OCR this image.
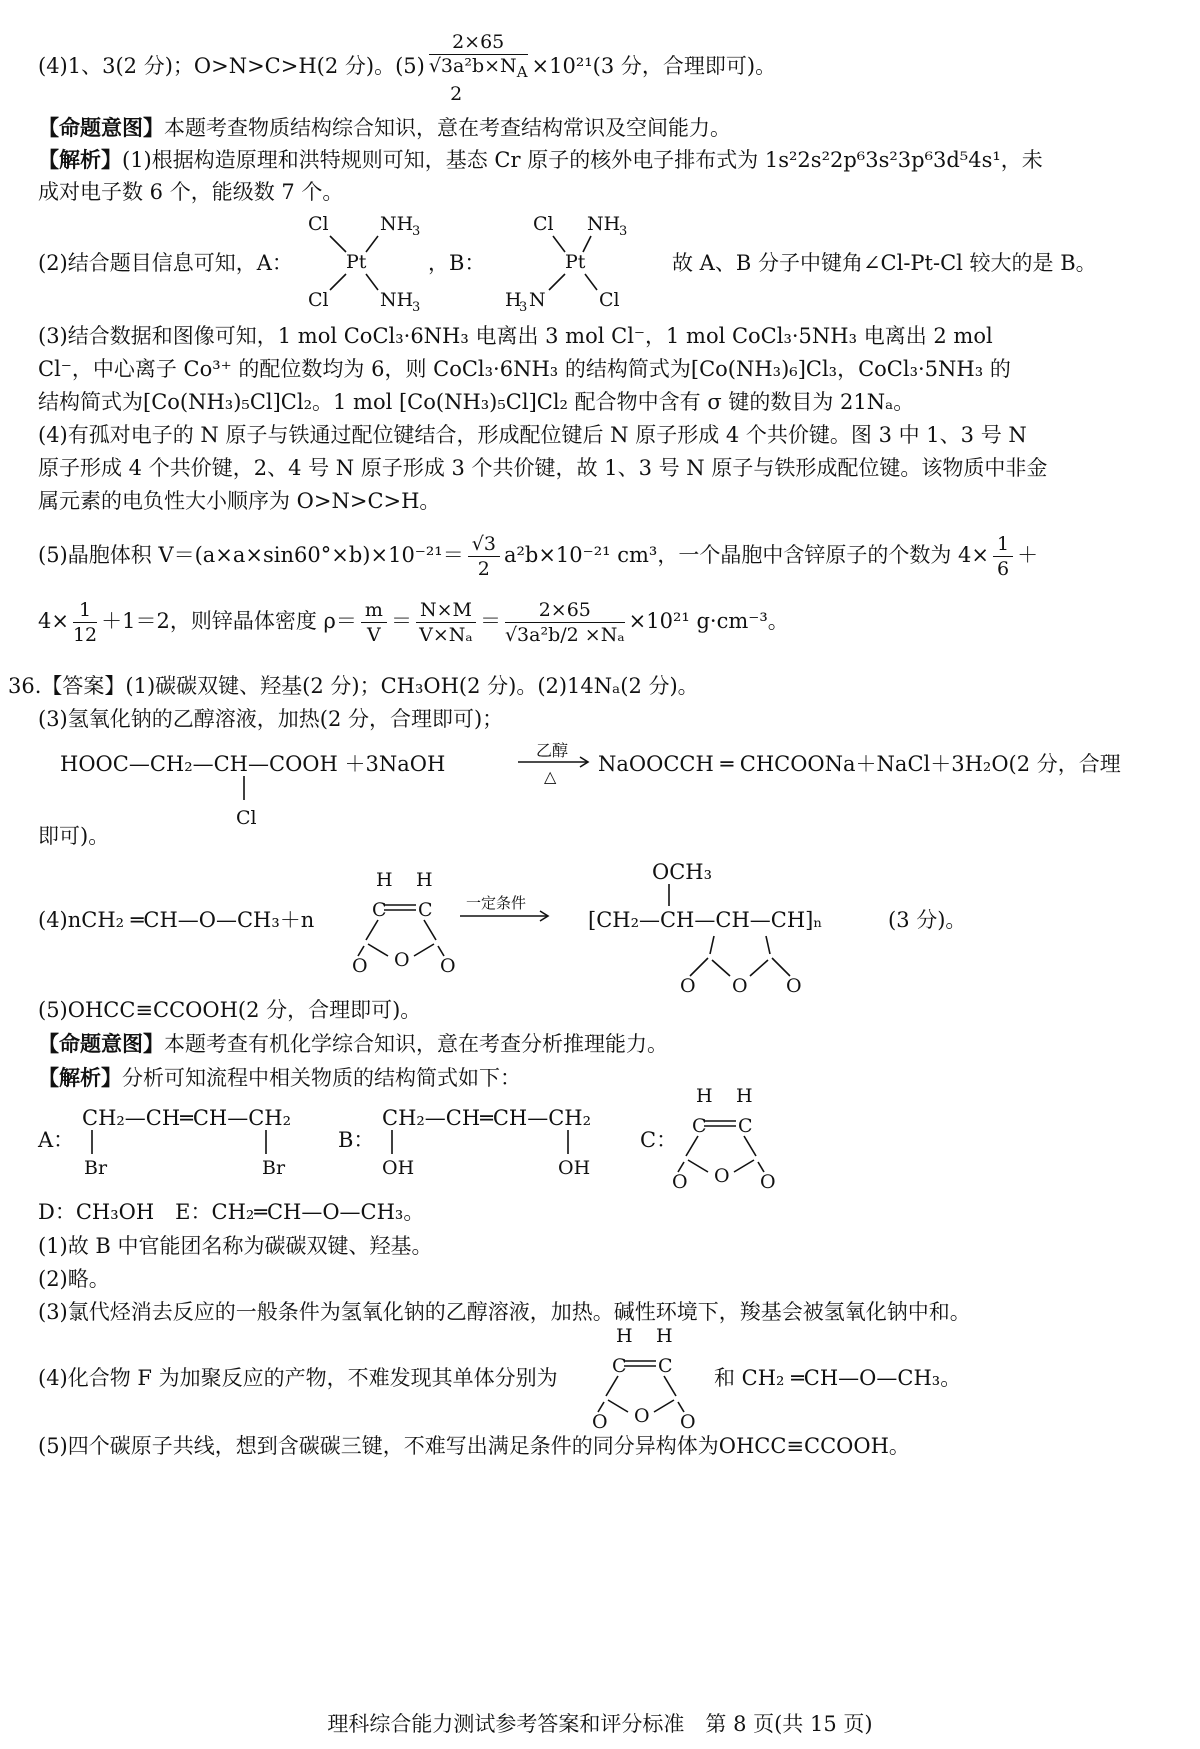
(4)1、3(2 分)；O>N>C>H(2 分)。(5)
2×65
$√3a^2b\times N_A$
2
×10²¹(3 分，合理即可)。
【命题意图】本题考查物质结构综合知识，意在考查结构常识及空间能力。
【解析】(1)根据构造原理和洪特规则可知，基态 Cr 原子的核外电子排布式为 1s²2s²2p⁶3s²3p⁶3d⁵4s¹，未
成对电子数 6 个，能级数 7 个。
(2)结合题目信息可知，A：
Cl	NH
3
Pt
Cl	NH
3
，B：
Cl NH
3
Pt
H
3 N	Cl
故 A、B 分子中键角∠Cl-Pt-Cl 较大的是 B。
(3)结合数据和图像可知，1 mol CoCl₃·6NH₃ 电离出 3 mol Cl⁻，1 mol CoCl₃·5NH₃ 电离出 2 mol
Cl⁻，中心离子 Co³⁺ 的配位数均为 6，则 CoCl₃·6NH₃ 的结构简式为[Co(NH₃)₆]Cl₃，CoCl₃·5NH₃ 的
结构简式为[Co(NH₃)₅Cl]Cl₂。1 mol [Co(NH₃)₅Cl]Cl₂ 配合物中含有 σ 键的数目为 21Nₐ。
(4)有孤对电子的 N 原子与铁通过配位键结合，形成配位键后 N 原子形成 4 个共价键。图 3 中 1、3 号 N
原子形成 4 个共价键，2、4 号 N 原子形成 3 个共价键，故 1、3 号 N 原子与铁形成配位键。该物质中非金
属元素的电负性大小顺序为 O>N>C>H。
(5)晶胞体积 $V=(a\times a\times\sin 60^\circ\times b)\times 10^{-21}= \frac{√3}{2} a^2b\times 10^{-21}$ cm³，一个晶胞中含锌原子的个数为 $4\times \frac{1}{6}$ ＋
$4\times \frac{1}{12} +1=2$，则锌晶体密度 $\rho= \frac{m}{V} = \frac{N\times M}{\text{V×Nₐ}} = \frac{2\times 65}{\text{√3a²b/2 ×Nₐ}} \times 10^{21}$ g·cm⁻³。
36.【答案】(1)碳碳双键、羟基(2 分)；CH₃OH(2 分)。(2)14Nₐ(2 分)。
(3)氢氧化钠的乙醇溶液，加热(2 分，合理即可)；
HOOC—CH₂—CH—COOH ＋3NaOH
Cl
乙醇
△
NaOOCCH ═ CHCOONa＋NaCl＋3H₂O(2 分，合理
即可)。
(4)nCH₂ ═CH—O—CH₃＋n
H H
C C
O O O
一定条件
[CH₂—CH—CH—CH]ₙ
OCH₃
O O O
(3 分)。
(5)OHCC≡CCOOH(2 分，合理即可)。
【命题意图】本题考查有机化学综合知识，意在考查分析推理能力。
【解析】分析可知流程中相关物质的结构简式如下：
A：
CH₂—CH═CH—CH₂
Br	Br
B：
CH₂—CH═CH—CH₂
OH	OH
C：
H H
C C
O O O
D：CH₃OH　E：CH₂═CH—O—CH₃。
(1)故 B 中官能团名称为碳碳双键、羟基。
(2)略。
(3)氯代烃消去反应的一般条件为氢氧化钠的乙醇溶液，加热。碱性环境下，羧基会被氢氧化钠中和。
(4)化合物 F 为加聚反应的产物，不难发现其单体分别为
H H
C C
O O O
和 CH₂ ═CH—O—CH₃。
(5)四个碳原子共线，想到含碳碳三键，不难写出满足条件的同分异构体为OHCC≡CCOOH。
理科综合能力测试参考答案和评分标准　第 8 页(共 15 页)
